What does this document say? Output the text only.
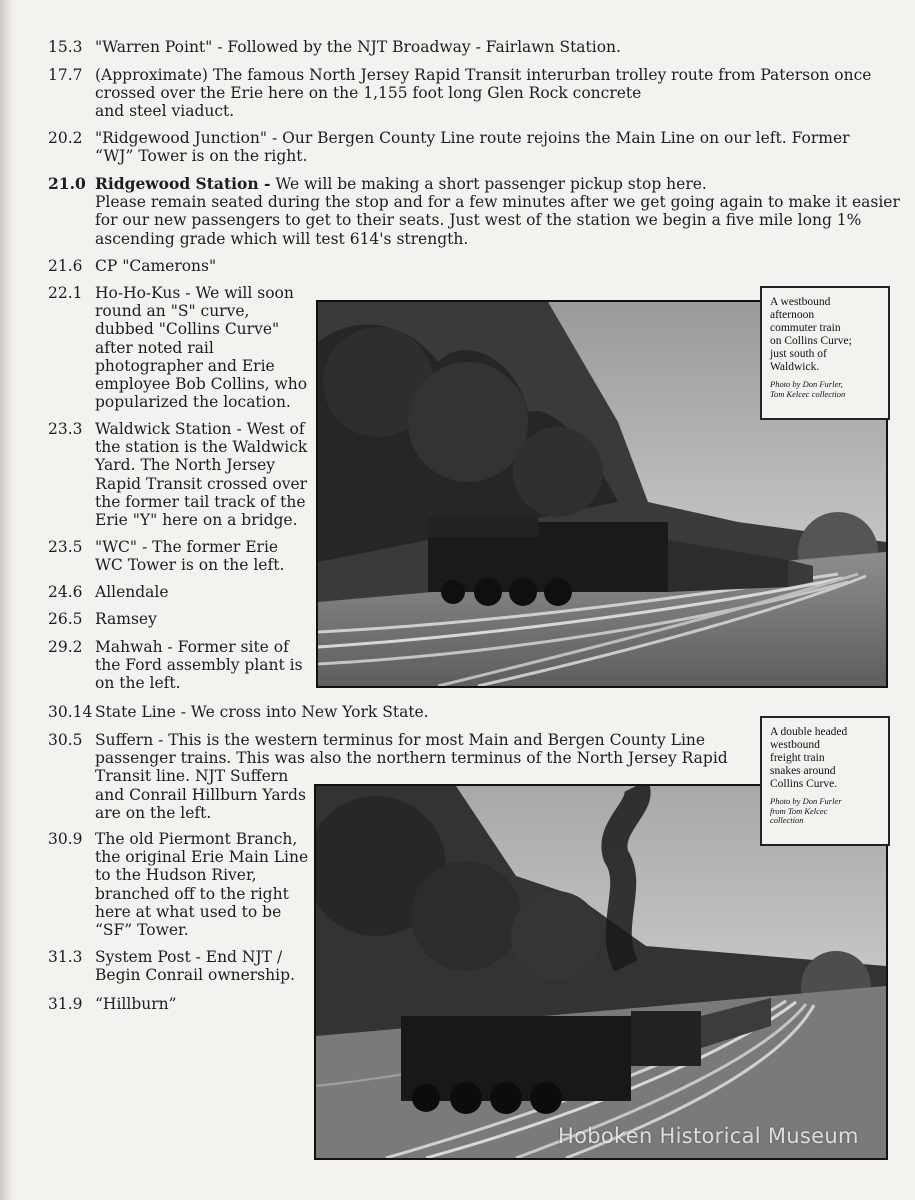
15.3 "Warren Point" - Followed by the NJT Broadway - Fairlawn Station.
17.7 (Approximate) The famous North Jersey Rapid Transit interurban trolley route from Paterson once
crossed over the Erie here on the 1,155 foot long Glen Rock concrete
and steel viaduct.
20.2 "Ridgewood Junction" - Our Bergen County Line route rejoins the Main Line on our left. Former
“WJ” Tower is on the right.
21.0 Ridgewood Station - We will be making a short passenger pickup stop here.
Please remain seated during the stop and for a few minutes after we get going again to make it easier
for our new passengers to get to their seats. Just west of the station we begin a five mile long 1%
ascending grade which will test 614's strength.
21.6 CP "Camerons"
22.1 Ho-Ho-Kus - We will soon
round an "S" curve,
dubbed "Collins Curve"
after noted rail
photographer and Erie
employee Bob Collins, who
popularized the location.
23.3 Waldwick Station - West of
the station is the Waldwick
Yard. The North Jersey
Rapid Transit crossed over
the former tail track of the
Erie "Y" here on a bridge.
23.5 "WC" - The former Erie
WC Tower is on the left.
24.6 Allendale
26.5 Ramsey
29.2 Mahwah - Former site of
the Ford assembly plant is
on the left.
30.14 State Line - We cross into New York State.
30.5 Suffern - This is the western terminus for most Main and Bergen County Line
passenger trains. This was also the northern terminus of the North Jersey Rapid
Transit line. NJT Suffern
and Conrail Hillburn Yards
are on the left.
30.9 The old Piermont Branch,
the original Erie Main Line
to the Hudson River,
branched off to the right
here at what used to be
“SF” Tower.
31.3 System Post - End NJT /
Begin Conrail ownership.
31.9 “Hillburn”
A westbound
afternoon
commuter train
on Collins Curve;
just south of
Waldwick.
Photo by Don Furler,
Tom Kelcec collection
A double headed
westbound
freight train
snakes around
Collins Curve.
Photo by Don Furler
from Tom Kelcec
collection
Hoboken Historical Museum
